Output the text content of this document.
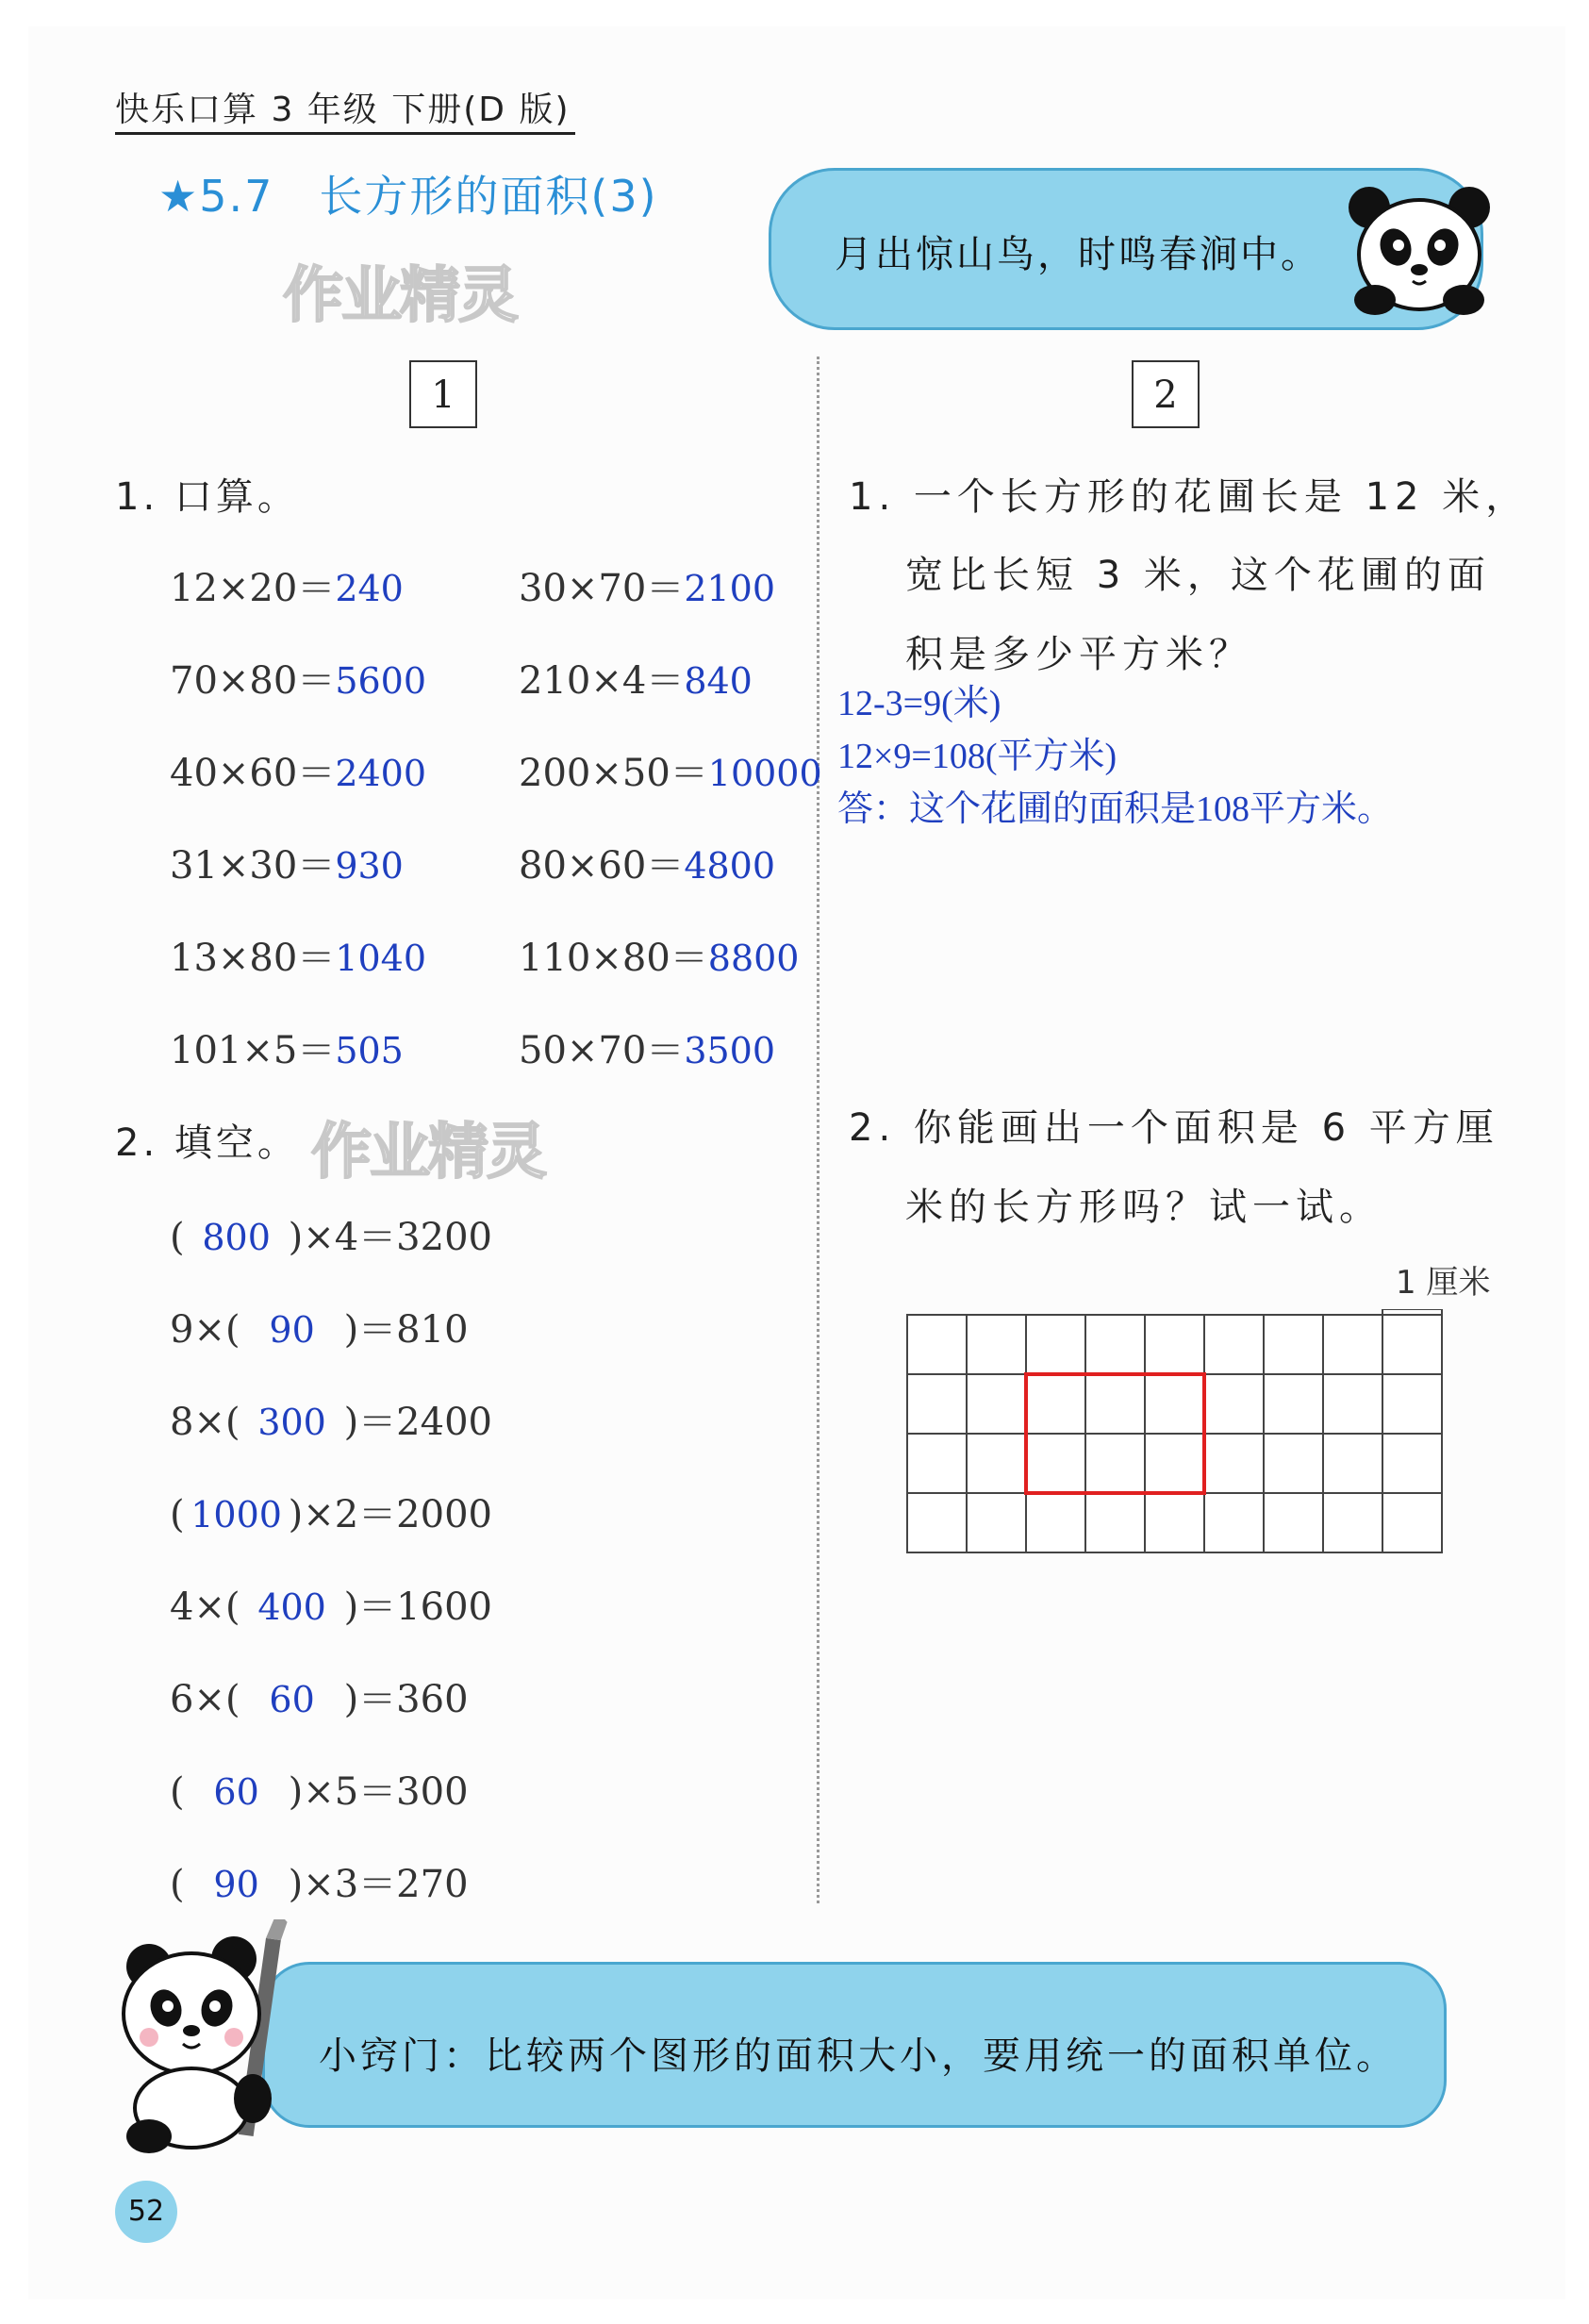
快乐口算 3 年级 下册(D 版)
★5.7　长方形的面积(3)
作业精灵
月出惊山鸟，时鸣春涧中。
1	2
1. 口算。
12×20＝240	30×70＝2100
70×80＝5600 210×4＝840
40×60＝2400 200×50＝10000
31×30＝930	80×60＝4800
13×80＝1040 110×80＝8800
101×5＝505	50×70＝3500
2. 填空。 作业精灵
( 800 )×4＝3200
9×( 90 )＝810
8×( 300 )＝2400
( 1000 )×2＝2000
4×( 400 )＝1600
6×( 60 )＝360
( 60 )×5＝300
( 90 )×3＝270
1. 一个长方形的花圃长是 12 米，
宽比长短 3 米，这个花圃的面
积是多少平方米？
12-3=9(米)
12×9=108(平方米)
答：这个花圃的面积是108平方米。
2. 你能画出一个面积是 6 平方厘
米的长方形吗？试一试。
1 厘米
小窍门：比较两个图形的面积大小，要用统一的面积单位。
52
